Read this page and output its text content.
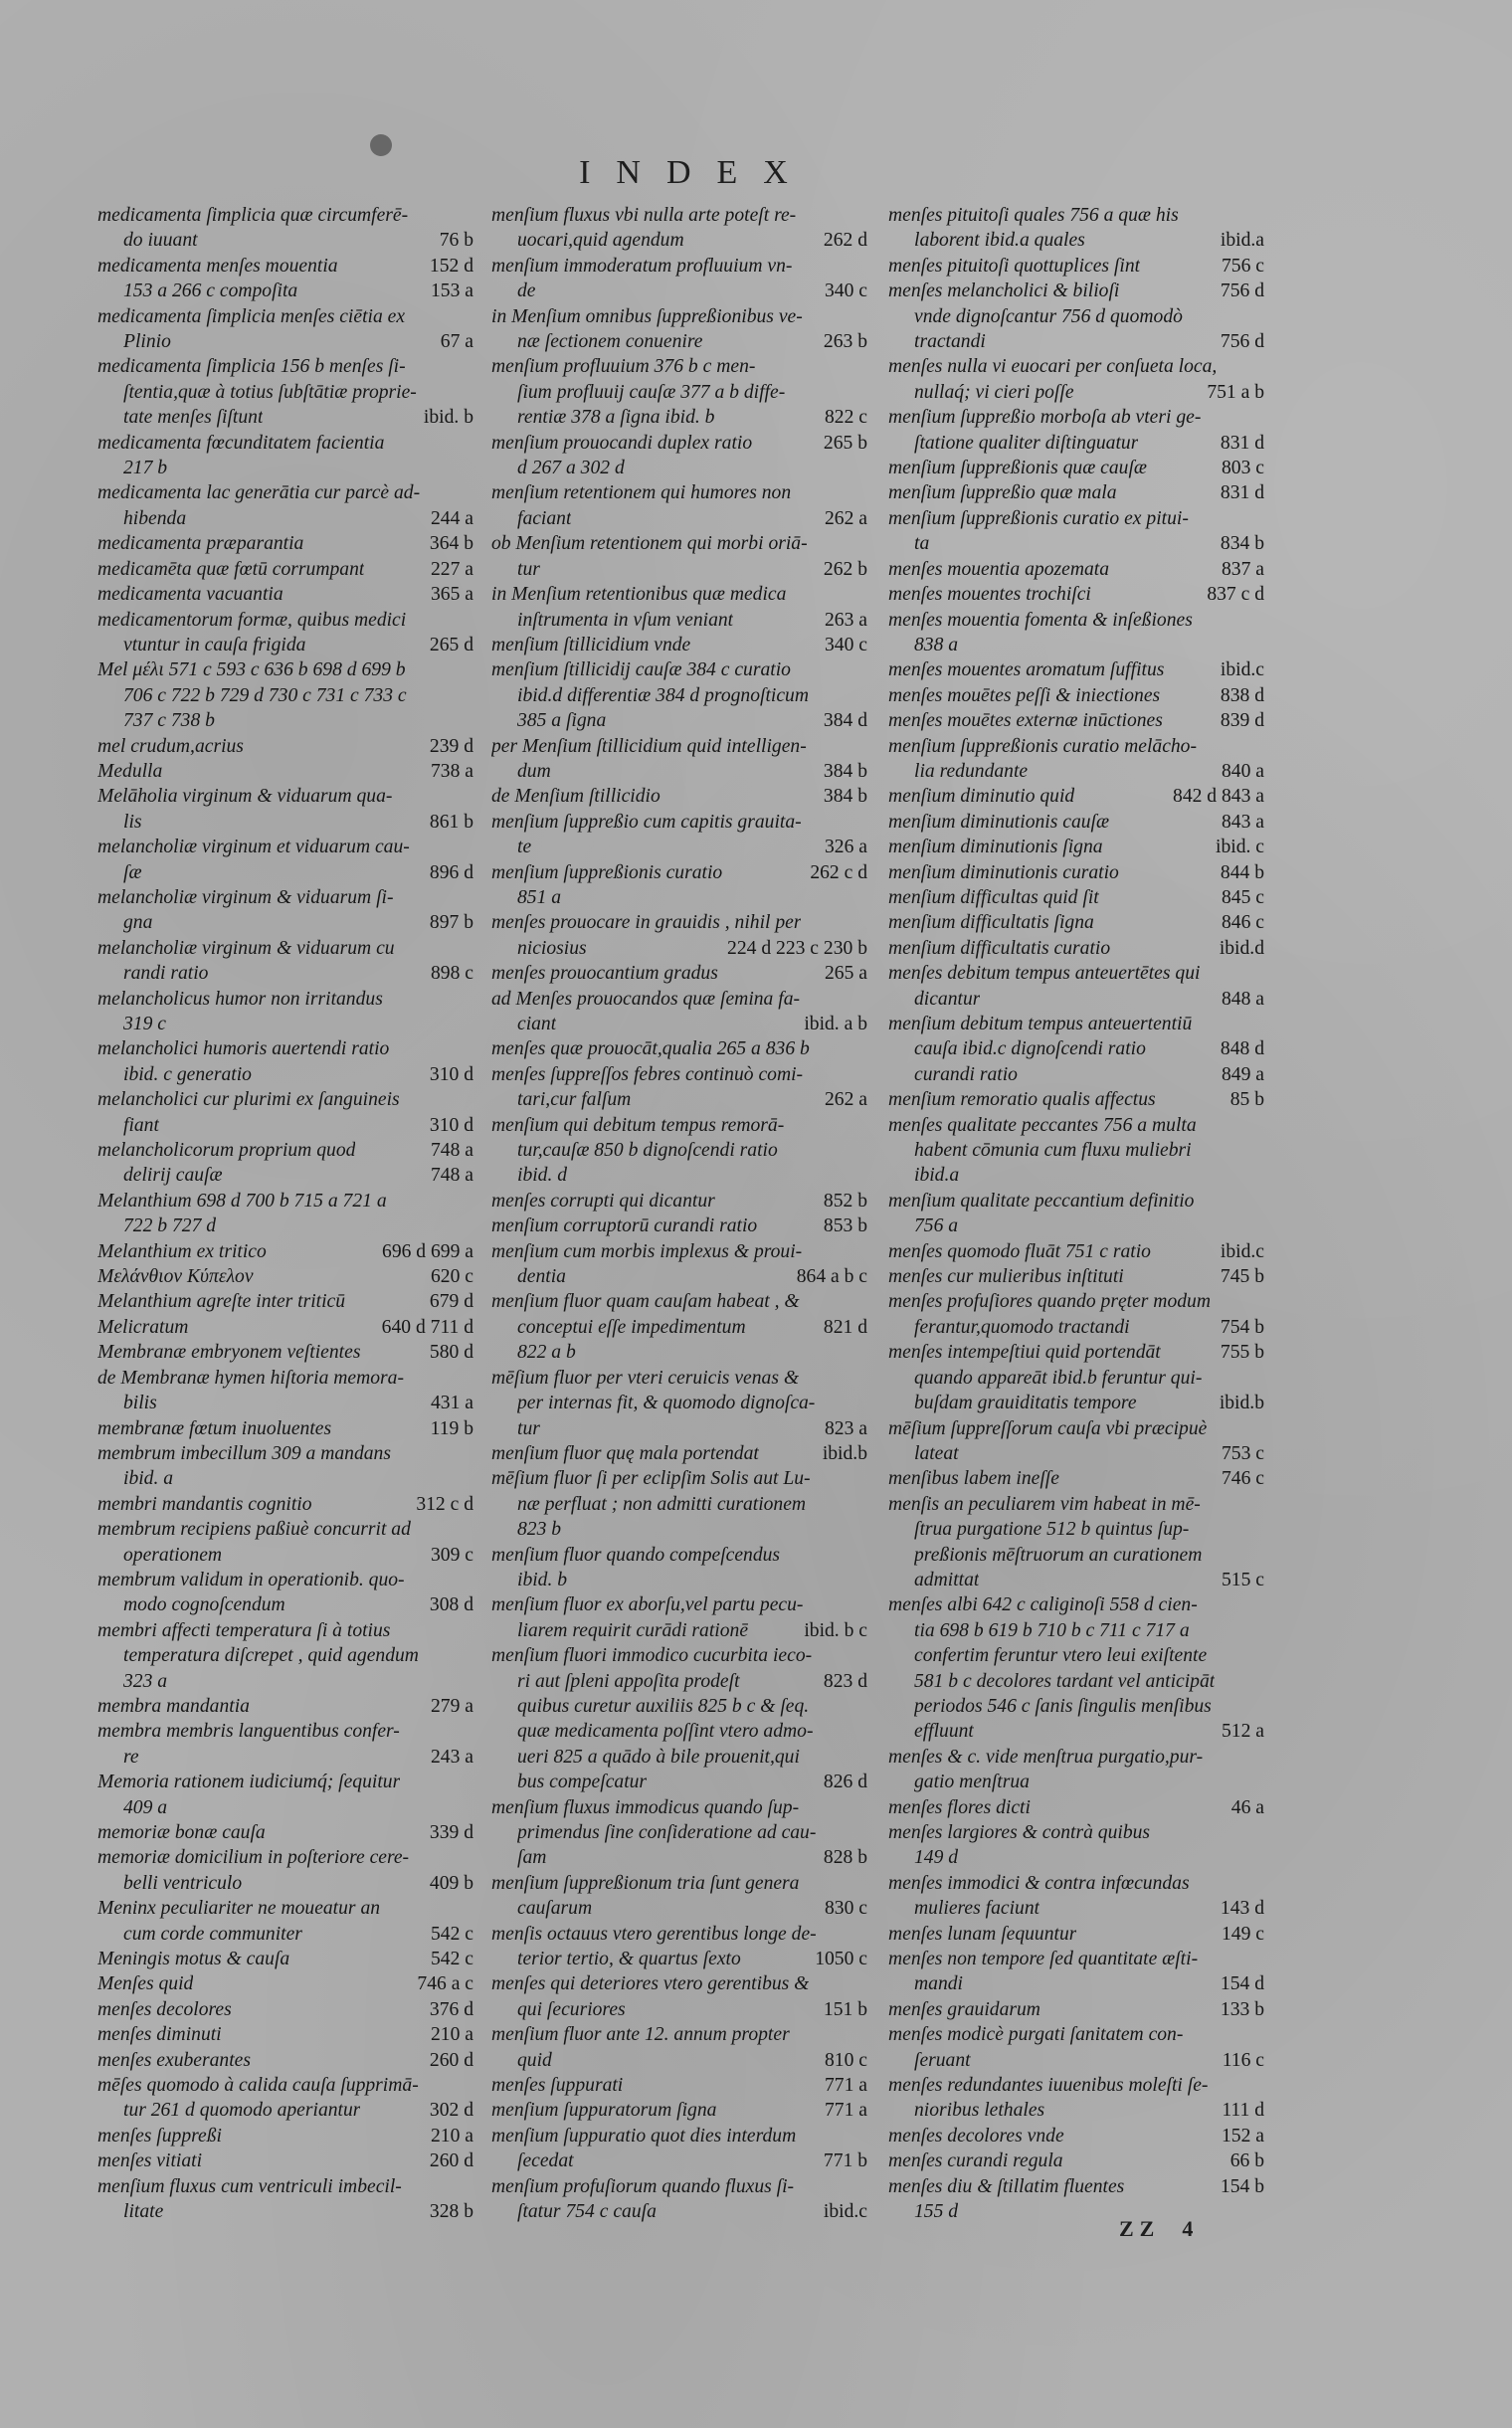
INDEX
medicamenta ſimplicia quæ circumferē-
do iuuant	76 b
medicamenta menſes mouentia	152 d
153 a 266 c compoſita	153 a
medicamenta ſimplicia menſes ciētia ex
Plinio	67 a
medicamenta ſimplicia 156 b menſes ſi-
ſtentia,quæ à totius ſubſtātiæ proprie-
tate menſes ſiſtunt	ibid. b
medicamenta fœcunditatem facientia
217 b
medicamenta lac generātia cur parcè ad-
hibenda	244 a
medicamenta præparantia	364 b
medicamēta quæ fœtū corrumpant	227 a
medicamenta vacuantia	365 a
medicamentorum formæ, quibus medici
vtuntur in cauſa frigida	265 d
Mel μέλι 571 c 593 c 636 b 698 d 699 b
706 c 722 b 729 d 730 c 731 c 733 c
737 c 738 b
mel crudum,acrius	239 d
Medulla	738 a
Melāholia virginum & viduarum qua-
lis	861 b
melancholiæ virginum et viduarum cau-
ſæ	896 d
melancholiæ virginum & viduarum ſi-
gna	897 b
melancholiæ virginum & viduarum cu
randi ratio	898 c
melancholicus humor non irritandus
319 c
melancholici humoris auertendi ratio
ibid. c generatio	310 d
melancholici cur plurimi ex ſanguineis
fiant	310 d
melancholicorum proprium quod	748 a
delirij cauſæ	748 a
Melanthium 698 d 700 b 715 a 721 a
722 b 727 d
Melanthium ex tritico	696 d 699 a
Μελάνθιον Κύπελον	620 c
Melanthium agreſte inter triticū	679 d
Melicratum	640 d 711 d
Membranæ embryonem veſtientes	580 d
de Membranæ hymen hiſtoria memora-
bilis	431 a
membranæ fœtum inuoluentes	119 b
membrum imbecillum 309 a mandans
ibid. a
membri mandantis cognitio	312 c d
membrum recipiens paßiuè concurrit ad
operationem	309 c
membrum validum in operationib. quo-
modo cognoſcendum	308 d
membri affecti temperatura ſi à totius
temperatura diſcrepet , quid agendum
323 a
membra mandantia	279 a
membra membris languentibus confer-
re	243 a
Memoria rationem iudiciumq́; ſequitur
409 a
memoriæ bonæ cauſa	339 d
memoriæ domicilium in poſteriore cere-
belli ventriculo	409 b
Meninx peculiariter ne moueatur an
cum corde communiter	542 c
Meningis motus & cauſa	542 c
Menſes quid	746 a c
menſes decolores	376 d
menſes diminuti	210 a
menſes exuberantes	260 d
mēſes quomodo à calida cauſa ſupprimā-
tur 261 d quomodo aperiantur	302 d
menſes ſuppreßi	210 a
menſes vitiati	260 d
menſium fluxus cum ventriculi imbecil-
litate	328 b
menſium fluxus vbi nulla arte poteſt re-
uocari,quid agendum	262 d
menſium immoderatum profluuium vn-
de	340 c
in Menſium omnibus ſuppreßionibus ve-
næ ſectionem conuenire	263 b
menſium profluuium 376 b c men-
ſium profluuij cauſæ 377 a b diffe-
rentiæ 378 a ſigna ibid. b	822 c
menſium prouocandi duplex ratio	265 b
d 267 a 302 d
menſium retentionem qui humores non
faciant	262 a
ob Menſium retentionem qui morbi oriā-
tur	262 b
in Menſium retentionibus quæ medica
inſtrumenta in vſum veniant	263 a
menſium ſtillicidium vnde	340 c
menſium ſtillicidij cauſæ 384 c curatio
ibid.d differentiæ 384 d prognoſticum
385 a ſigna	384 d
per Menſium ſtillicidium quid intelligen-
dum	384 b
de Menſium ſtillicidio	384 b
menſium ſuppreßio cum capitis grauita-
te	326 a
menſium ſuppreßionis curatio	262 c d
851 a
menſes prouocare in grauidis , nihil per
niciosius	224 d 223 c 230 b
menſes prouocantium gradus	265 a
ad Menſes prouocandos quæ ſemina fa-
ciant	ibid. a b
menſes quæ prouocāt,qualia 265 a 836 b
menſes ſuppreſſos febres continuò comi-
tari,cur falſum	262 a
menſium qui debitum tempus remorā-
tur,cauſæ 850 b dignoſcendi ratio
ibid. d
menſes corrupti qui dicantur	852 b
menſium corruptorū curandi ratio	853 b
menſium cum morbis implexus & proui-
dentia	864 a b c
menſium fluor quam cauſam habeat , &
conceptui eſſe impedimentum	821 d
822 a b
mēſium fluor per vteri ceruicis venas &
per internas fit, & quomodo dignoſca-
tur	823 a
menſium fluor quę mala portendat	ibid.b
mēſium fluor ſi per eclipſim Solis aut Lu-
næ perfluat ; non admitti curationem
823 b
menſium fluor quando compeſcendus
ibid. b
menſium fluor ex aborſu,vel partu pecu-
liarem requirit curādi rationē	ibid. b c
menſium fluori immodico cucurbita ieco-
ri aut ſpleni appoſita prodeſt	823 d
quibus curetur auxiliis 825 b c & ſeq.
quæ medicamenta poſſint vtero admo-
ueri 825 a quādo à bile prouenit,qui
bus compeſcatur	826 d
menſium fluxus immodicus quando ſup-
primendus ſine conſideratione ad cau-
ſam	828 b
menſium ſuppreßionum tria ſunt genera
cauſarum	830 c
menſis octauus vtero gerentibus longe de-
terior tertio, & quartus ſexto	1050 c
menſes qui deteriores vtero gerentibus &
qui ſecuriores	151 b
menſium fluor ante 12. annum propter
quid	810 c
menſes ſuppurati	771 a
menſium ſuppuratorum ſigna	771 a
menſium ſuppuratio quot dies interdum
ſecedat	771 b
menſium profuſiorum quando fluxus ſi-
ſtatur 754 c cauſa	ibid.c
menſes pituitoſi quales 756 a quæ his
laborent ibid.a quales	ibid.a
menſes pituitoſi quottuplices ſint	756 c
menſes melancholici & bilioſi	756 d
vnde dignoſcantur 756 d quomodò
tractandi	756 d
menſes nulla vi euocari per conſueta loca,
nullaq́; vi cieri poſſe	751 a b
menſium ſuppreßio morboſa ab vteri ge-
ſtatione qualiter diſtinguatur	831 d
menſium ſuppreßionis quæ cauſæ	803 c
menſium ſuppreßio quæ mala	831 d
menſium ſuppreßionis curatio ex pitui-
ta	834 b
menſes mouentia apozemata	837 a
menſes mouentes trochiſci	837 c d
menſes mouentia fomenta & inſeßiones
838 a
menſes mouentes aromatum ſuffitus	ibid.c
menſes mouētes peſſi & iniectiones	838 d
menſes mouētes externæ inūctiones	839 d
menſium ſuppreßionis curatio melācho-
lia redundante	840 a
menſium diminutio quid	842 d 843 a
menſium diminutionis cauſæ	843 a
menſium diminutionis ſigna	ibid. c
menſium diminutionis curatio	844 b
menſium difficultas quid ſit	845 c
menſium difficultatis ſigna	846 c
menſium difficultatis curatio	ibid.d
menſes debitum tempus anteuertētes qui
dicantur	848 a
menſium debitum tempus anteuertentiū
cauſa ibid.c dignoſcendi ratio	848 d
curandi ratio	849 a
menſium remoratio qualis affectus	85 b
menſes qualitate peccantes 756 a multa
habent cōmunia cum fluxu muliebri
ibid.a
menſium qualitate peccantium definitio
756 a
menſes quomodo fluāt 751 c ratio	ibid.c
menſes cur mulieribus inſtituti	745 b
menſes profuſiores quando pręter modum
ferantur,quomodo tractandi	754 b
menſes intempeſtiui quid portendāt	755 b
quando appareāt ibid.b feruntur qui-
buſdam grauiditatis tempore	ibid.b
mēſium ſuppreſſorum cauſa vbi præcipuè
lateat	753 c
menſibus labem ineſſe	746 c
menſis an peculiarem vim habeat in mē-
ſtrua purgatione 512 b quintus ſup-
preßionis mēſtruorum an curationem
admittat	515 c
menſes albi 642 c caliginoſi 558 d cien-
tia 698 b 619 b 710 b c 711 c 717 a
confertim feruntur vtero leui exiſtente
581 b c decolores tardant vel anticipāt
periodos 546 c ſanis ſingulis menſibus
effluunt	512 a
menſes & c. vide menſtrua purgatio,pur-
gatio menſtrua
menſes flores dicti	46 a
menſes largiores & contrà quibus
149 d
menſes immodici & contra infœcundas
mulieres faciunt	143 d
menſes lunam ſequuntur	149 c
menſes non tempore ſed quantitate æſti-
mandi	154 d
menſes grauidarum	133 b
menſes modicè purgati ſanitatem con-
ſeruant	116 c
menſes redundantes iuuenibus moleſti ſe-
nioribus lethales	111 d
menſes decolores vnde	152 a
menſes curandi regula	66 b
menſes diu & ſtillatim fluentes	154 b
155 d
ZZ 4
